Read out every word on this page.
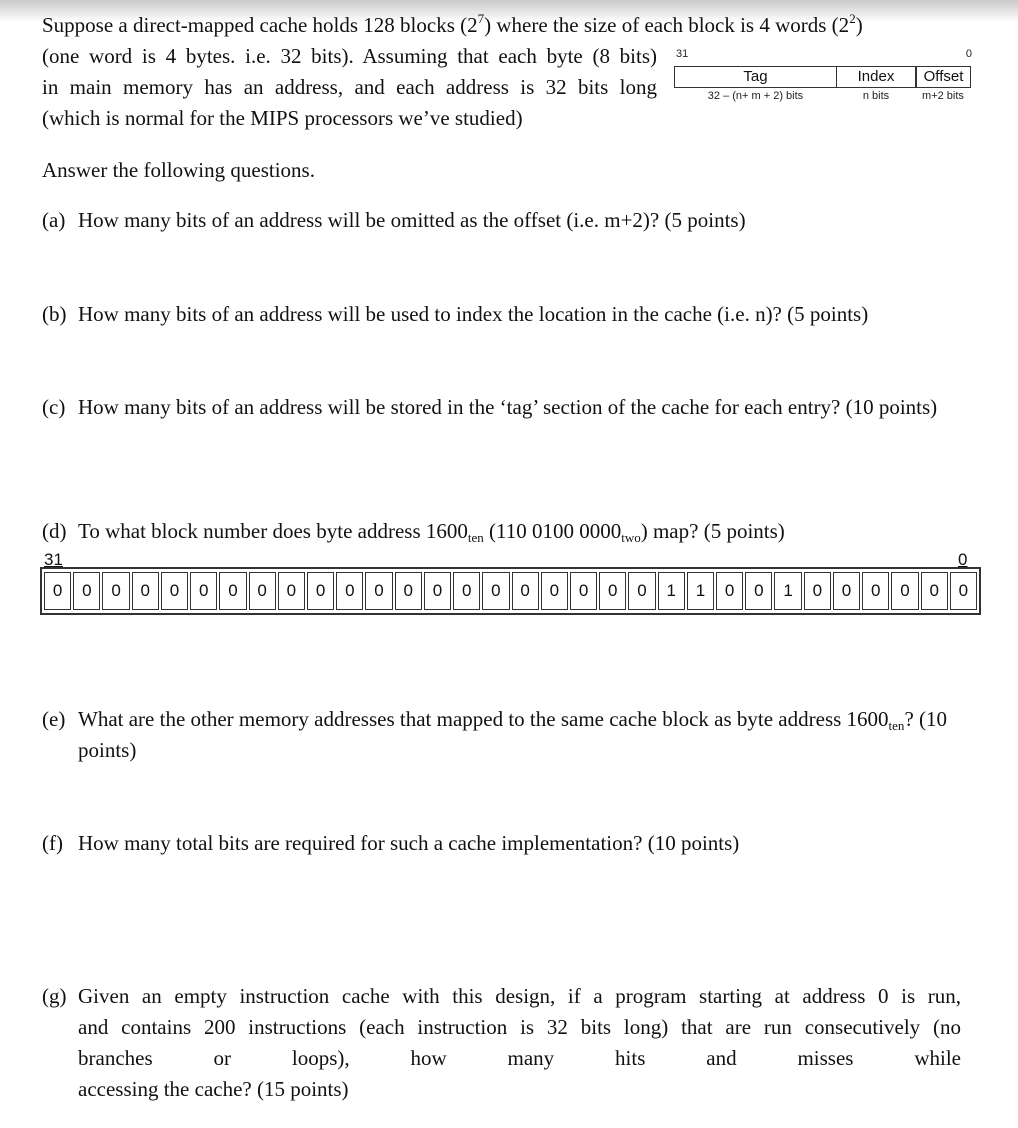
Suppose a direct-mapped cache holds 128 blocks $(2^7)$ where the size of each block is 4 words $(2^2)$
(one word is 4 bytes. i.e. 32 bits). Assuming that each byte (8 bits)
in main memory has an address, and each address is 32 bits long
(which is normal for the MIPS processors we’ve studied)
31	0
Tag	Index	Offset
32 – (n+ m + 2) bits	n bits	m+2 bits
Answer the following questions.
(a) How many bits of an address will be omitted as the offset (i.e. m+2)? (5 points)
(b) How many bits of an address will be used to index the location in the cache (i.e. n)? (5 points)
(c) How many bits of an address will be stored in the ‘tag’ section of the cache for each entry? (10 points)
(d) To what block number does byte address $1600_{ten}$ (110 0100 $0000_{two}$) map? (5 points)
31	0
0	0	0	0	0	0	0	0	0	0	0	0	0	0	0	0	0	0	0	0	0	1	1	0	0	1	0	0	0	0	0	0
(e) What are the other memory addresses that mapped to the same cache block as byte address $1600_{ten}$? (10 points)
(f) How many total bits are required for such a cache implementation? (10 points)
(g) Given an empty instruction cache with this design, if a program starting at address 0 is run,
and contains 200 instructions (each instruction is 32 bits long) that are run consecutively (no
branches or loops), how many hits and misses while
accessing the cache? (15 points)
